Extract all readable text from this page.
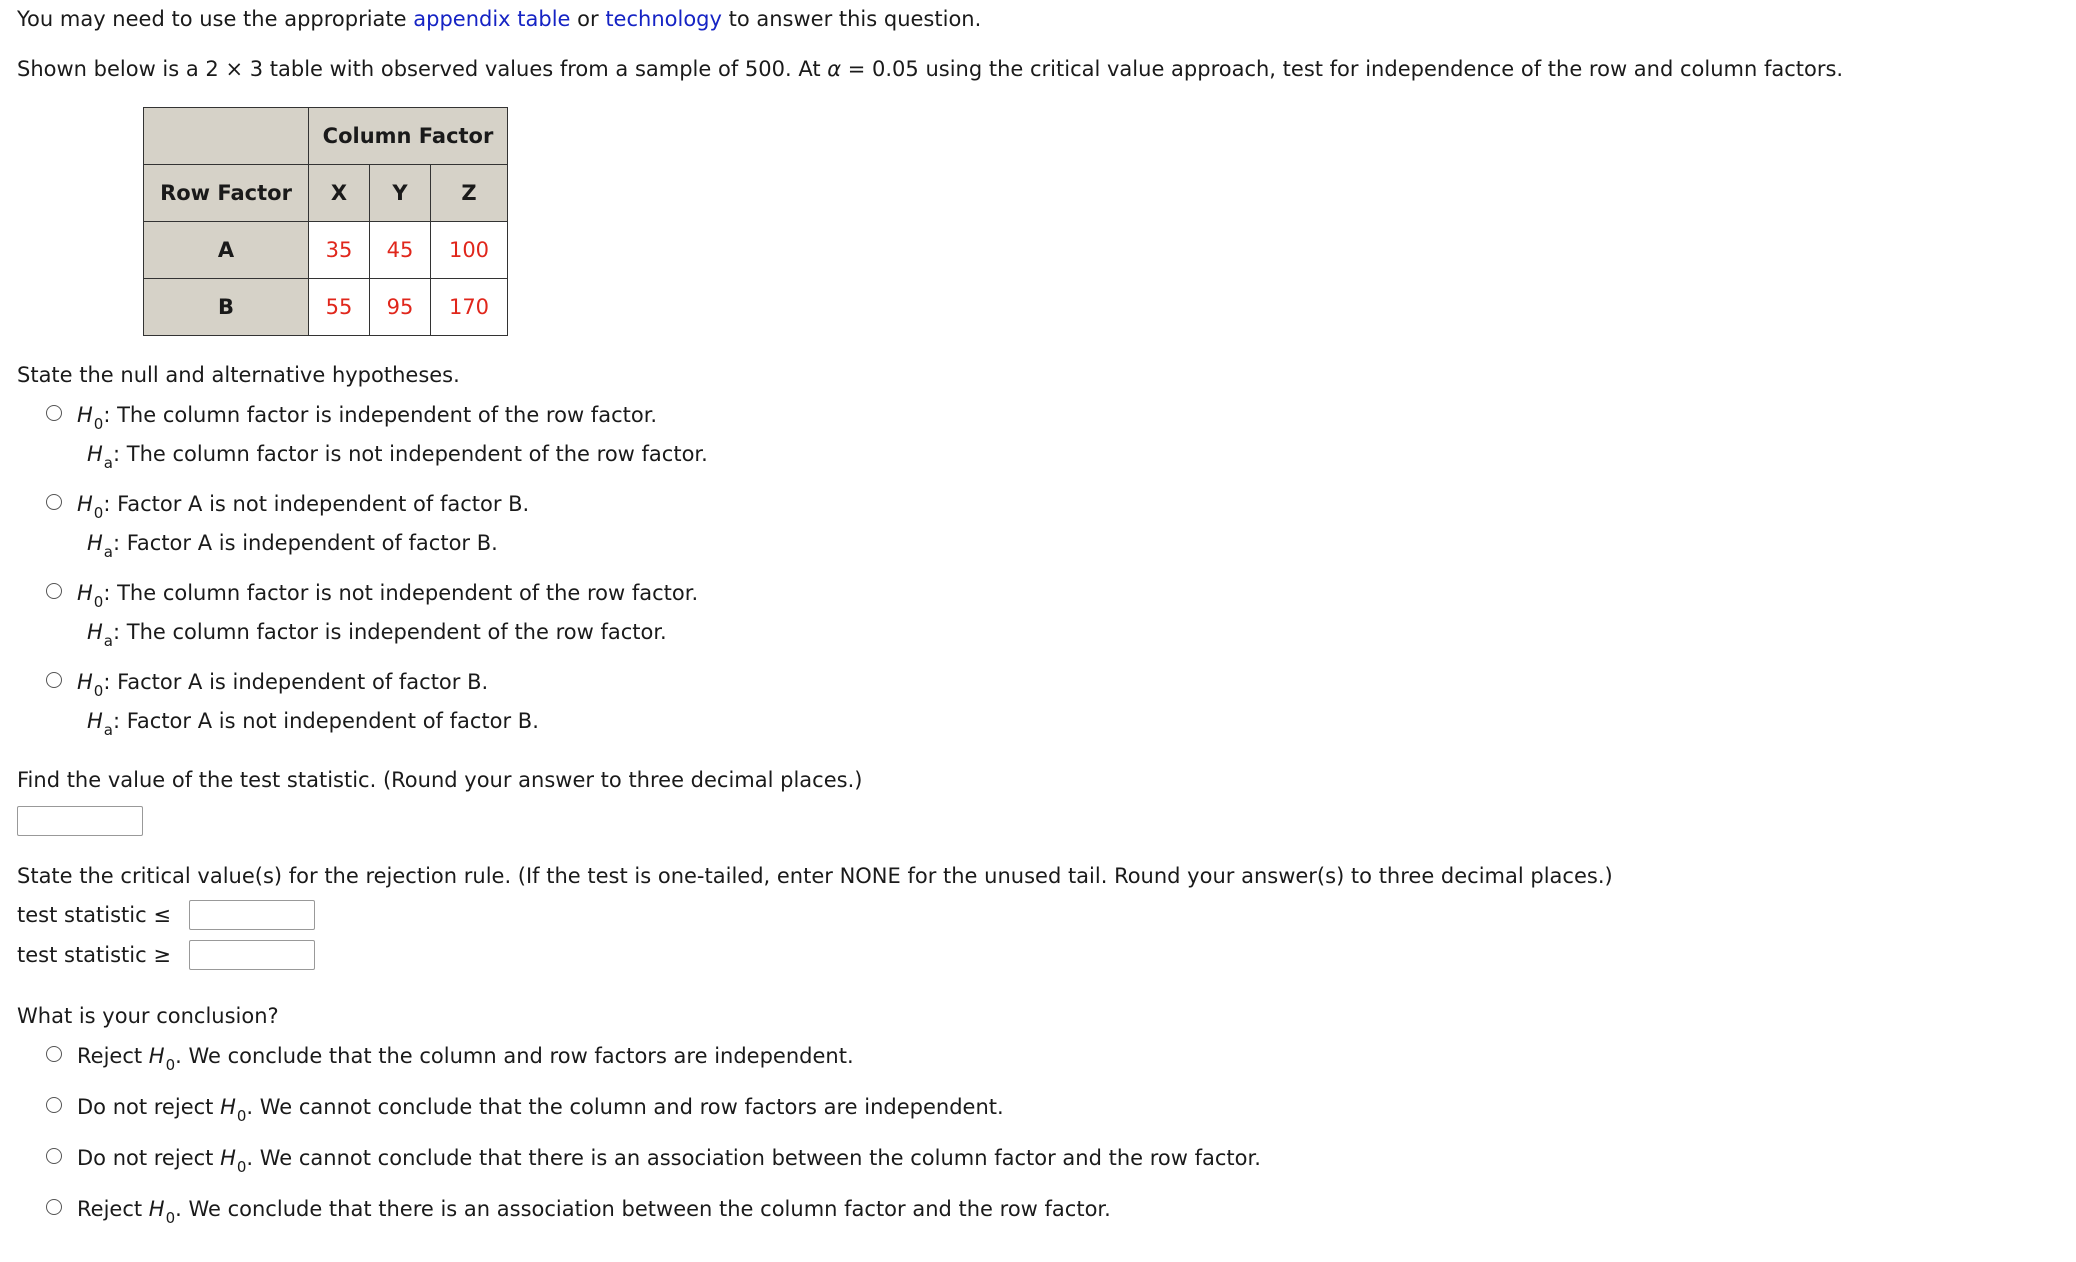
You may need to use the appropriate appendix table or technology to answer this question.
Shown below is a 2 × 3 table with observed values from a sample of 500. At α = 0.05 using the critical value approach, test for independence of the row and column factors.
	Column Factor		
Row Factor	X	Y	Z
A	35	45	100
B	55	95	170
State the null and alternative hypotheses.
$H_0$: The column factor is independent of the row factor.
$H_a$: The column factor is not independent of the row factor.
$H_0$: Factor A is not independent of factor B.
$H_a$: Factor A is independent of factor B.
$H_0$: The column factor is not independent of the row factor.
$H_a$: The column factor is independent of the row factor.
$H_0$: Factor A is independent of factor B.
$H_a$: Factor A is not independent of factor B.
Find the value of the test statistic. (Round your answer to three decimal places.)
State the critical value(s) for the rejection rule. (If the test is one-tailed, enter NONE for the unused tail. Round your answer(s) to three decimal places.)
test statistic ≤
test statistic ≥
What is your conclusion?
Reject $H_0$. We conclude that the column and row factors are independent.
Do not reject $H_0$. We cannot conclude that the column and row factors are independent.
Do not reject $H_0$. We cannot conclude that there is an association between the column factor and the row factor.
Reject $H_0$. We conclude that there is an association between the column factor and the row factor.
